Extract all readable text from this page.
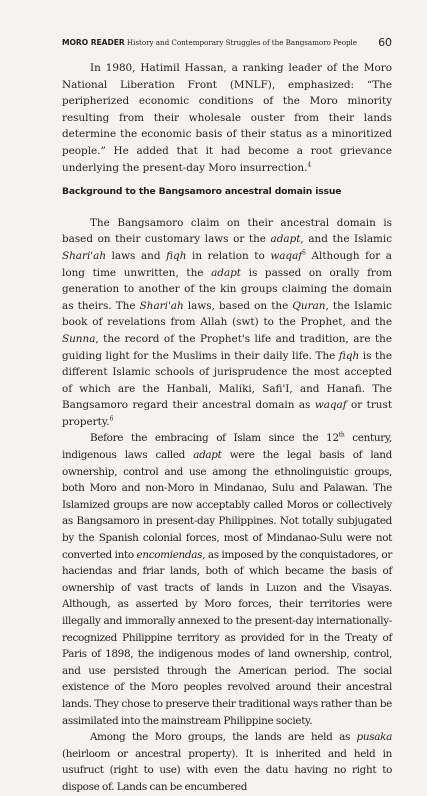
MORO READER History and Contemporary Struggles of the Bangsamoro People 60

In 1980, Hatimil Hassan, a ranking leader of the Moro National Liberation Front (MNLF), emphasized: “The peripherized economic conditions of the Moro minority resulting from their wholesale ouster from their lands determine the economic basis of their status as a minoritized people.” He added that it had become a root grievance underlying the present-day Moro insurrection.$^4$

Background to the Bangsamoro ancestral domain issue

The Bangsamoro claim on their ancestral domain is based on their customary laws or the adapt, and the Islamic Shari'ah laws and fiqh in relation to waqaf$^5$ Although for a long time unwritten, the adapt is passed on orally from generation to another of the kin groups claiming the domain as theirs. The Shari'ah laws, based on the Quran, the Islamic book of revelations from Allah (swt) to the Prophet, and the Sunna, the record of the Prophet's life and tradition, are the guiding light for the Muslims in their daily life. The fiqh is the different Islamic schools of jurisprudence the most accepted of which are the Hanbali, Maliki, Safi'I, and Hanafi. The Bangsamoro regard their ancestral domain as waqaf or trust property.$^6$

Before the embracing of Islam since the 12th century, indigenous laws called adapt were the legal basis of land ownership, control and use among the ethnolinguistic groups, both Moro and non-Moro in Mindanao, Sulu and Palawan. The Islamized groups are now acceptably called Moros or collectively as Bangsamoro in present-day Philippines. Not totally subjugated by the Spanish colonial forces, most of Mindanao-Sulu were not converted into encomiendas, as imposed by the conquistadores, or haciendas and friar lands, both of which became the basis of ownership of vast tracts of lands in Luzon and the Visayas. Although, as asserted by Moro forces, their territories were illegally and immorally annexed to the present-day internationally-recognized Philippine territory as provided for in the Treaty of Paris of 1898, the indigenous modes of land ownership, control, and use persisted through the American period. The social existence of the Moro peoples revolved around their ancestral lands. They chose to preserve their traditional ways rather than be assimilated into the mainstream Philippine society.

Among the Moro groups, the lands are held as pusaka (heirloom or ancestral property). It is inherited and held in usufruct (right to use) with even the datu having no right to dispose of. Lands can be encumbered
